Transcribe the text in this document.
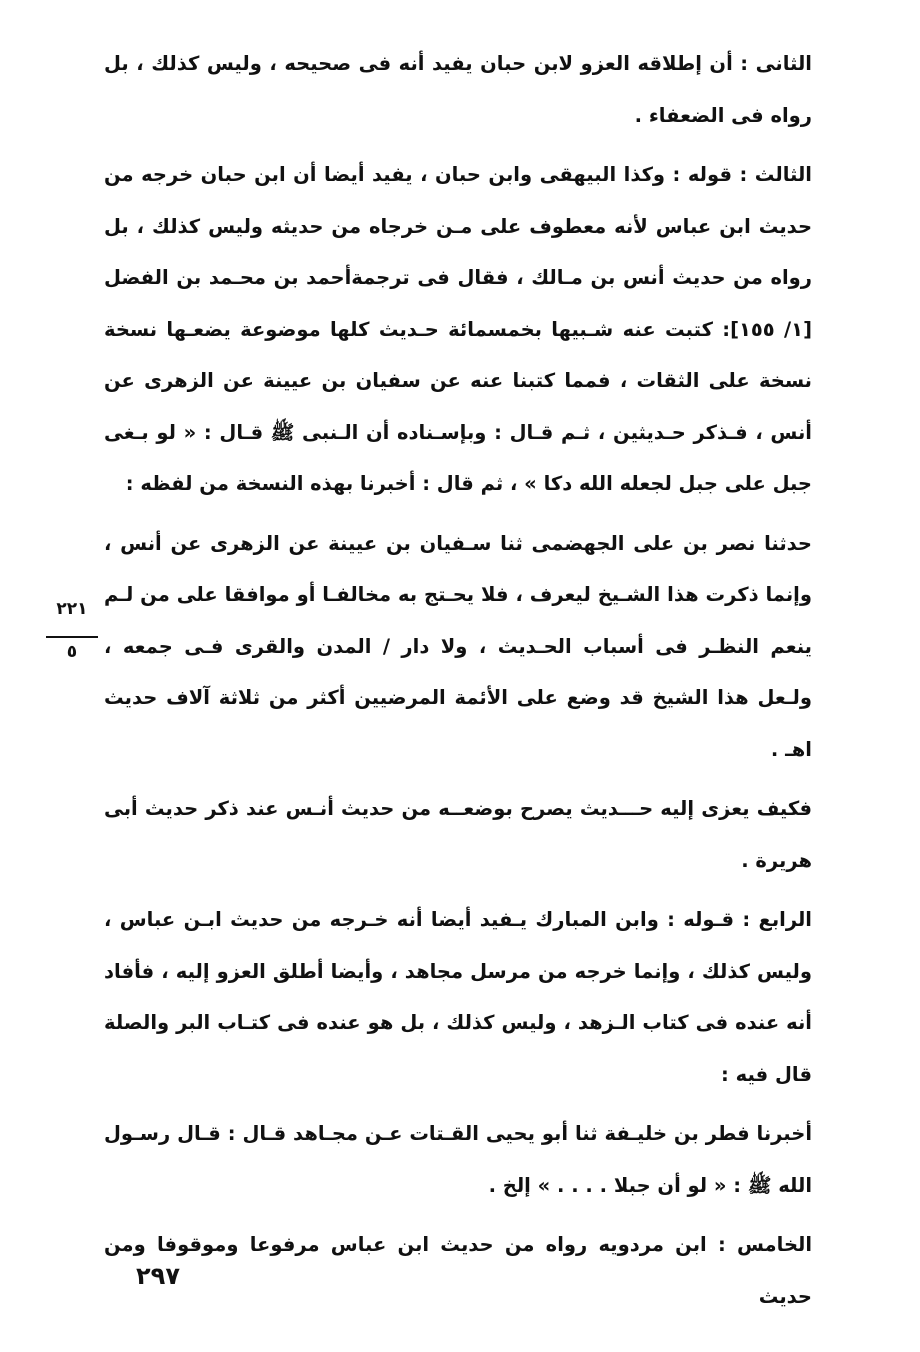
الثانى : أن إطلاقه العزو لابن حبان يفيد أنه فى صحيحه ، وليس كذلك ، بل رواه فى الضعفاء .

الثالث : قوله : وكذا البيهقى وابن حبان ، يفيد أيضا أن ابن حبان خرجه من حديث ابن عباس لأنه معطوف على مـن خرجاه من حديثه وليس كذلك ، بل رواه من حديث أنس بن مـالك ، فقال فى ترجمةأحمد بن محـمد بن الفضل [١/ ١٥٥]: كتبت عنه شـبيها بخمسمائة حـديث كلها موضوعة يضعـها نسخة نسخة على الثقات ، فمما كتبنا عنه عن سفيان بن عيينة عن الزهرى عن أنس ، فـذكر حـديثين ، ثـم قـال : وبإسـناده أن الـنبى ﷺ قـال : « لو بـغى جبل على جبل لجعله الله دكا » ، ثم قال : أخبرنا بهذه النسخة من لفظه :

حدثنا نصر بن على الجهضمى ثنا سـفيان بن عيينة عن الزهرى عن أنس ، وإنما ذكرت هذا الشـيخ ليعرف ، فلا يحـتج به مخالفـا أو موافقا على من لـم ينعم النظـر فى أسباب الحـديث ، ولا دار / المدن والقرى فـى جمعه ، ولـعل هذا الشيخ قد وضع على الأئمة المرضيين أكثر من ثلاثة آلاف حديث اهـ .

فكيف يعزى إليه حـــديث يصرح بوضعــه من حديث أنـس عند ذكر حديث أبى هريرة .

الرابع : قـوله : وابن المبارك يـفيد أيضا أنه خـرجه من حديث ابـن عباس ، وليس كذلك ، وإنما خرجه من مرسل مجاهد ، وأيضا أطلق العزو إليه ، فأفاد أنه عنده فى كتاب الـزهد ، وليس كذلك ، بل هو عنده فى كتـاب البر والصلة قال فيه :

أخبرنا فطر بن خليـفة ثنا أبو يحيى القـتات عـن مجـاهد قـال : قـال رسـول الله ﷺ : « لو أن جبلا . . . . » إلخ .

الخامس : ابن مردويه رواه من حديث ابن عباس مرفوعا وموقوفا ومن حديث

٢٢١
٥
٢٩٧
